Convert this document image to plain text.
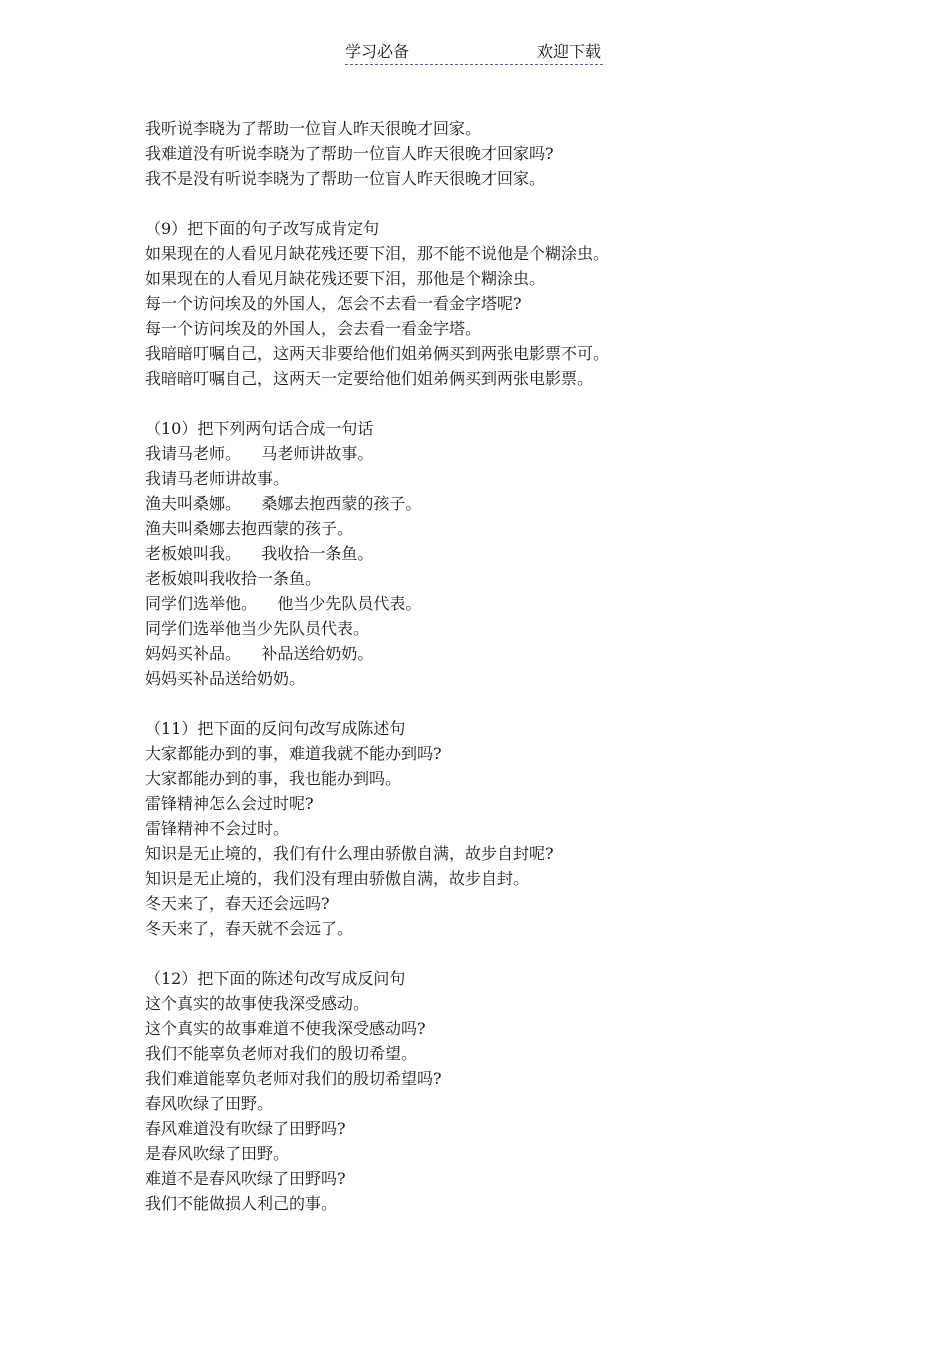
学习必备	欢迎下载
我听说李晓为了帮助一位盲人昨天很晚才回家。
我难道没有听说李晓为了帮助一位盲人昨天很晚才回家吗?
我不是没有听说李晓为了帮助一位盲人昨天很晚才回家。
（9）把下面的句子改写成肯定句
如果现在的人看见月缺花残还要下泪，那不能不说他是个糊涂虫。
如果现在的人看见月缺花残还要下泪，那他是个糊涂虫。
每一个访问埃及的外国人，怎会不去看一看金字塔呢?
每一个访问埃及的外国人，会去看一看金字塔。
我暗暗叮嘱自己，这两天非要给他们姐弟俩买到两张电影票不可。
我暗暗叮嘱自己，这两天一定要给他们姐弟俩买到两张电影票。
（10）把下列两句话合成一句话
我请马老师。    马老师讲故事。
我请马老师讲故事。
渔夫叫桑娜。    桑娜去抱西蒙的孩子。
渔夫叫桑娜去抱西蒙的孩子。
老板娘叫我。    我收拾一条鱼。
老板娘叫我收拾一条鱼。
同学们选举他。    他当少先队员代表。
同学们选举他当少先队员代表。
妈妈买补品。    补品送给奶奶。
妈妈买补品送给奶奶。
（11）把下面的反问句改写成陈述句
大家都能办到的事，难道我就不能办到吗?
大家都能办到的事，我也能办到吗。
雷锋精神怎么会过时呢?
雷锋精神不会过时。
知识是无止境的，我们有什么理由骄傲自满，故步自封呢?
知识是无止境的，我们没有理由骄傲自满，故步自封。
冬天来了，春天还会远吗?
冬天来了，春天就不会远了。
（12）把下面的陈述句改写成反问句
这个真实的故事使我深受感动。
这个真实的故事难道不使我深受感动吗?
我们不能辜负老师对我们的殷切希望。
我们难道能辜负老师对我们的殷切希望吗?
春风吹绿了田野。
春风难道没有吹绿了田野吗?
是春风吹绿了田野。
难道不是春风吹绿了田野吗?
我们不能做损人利己的事。
